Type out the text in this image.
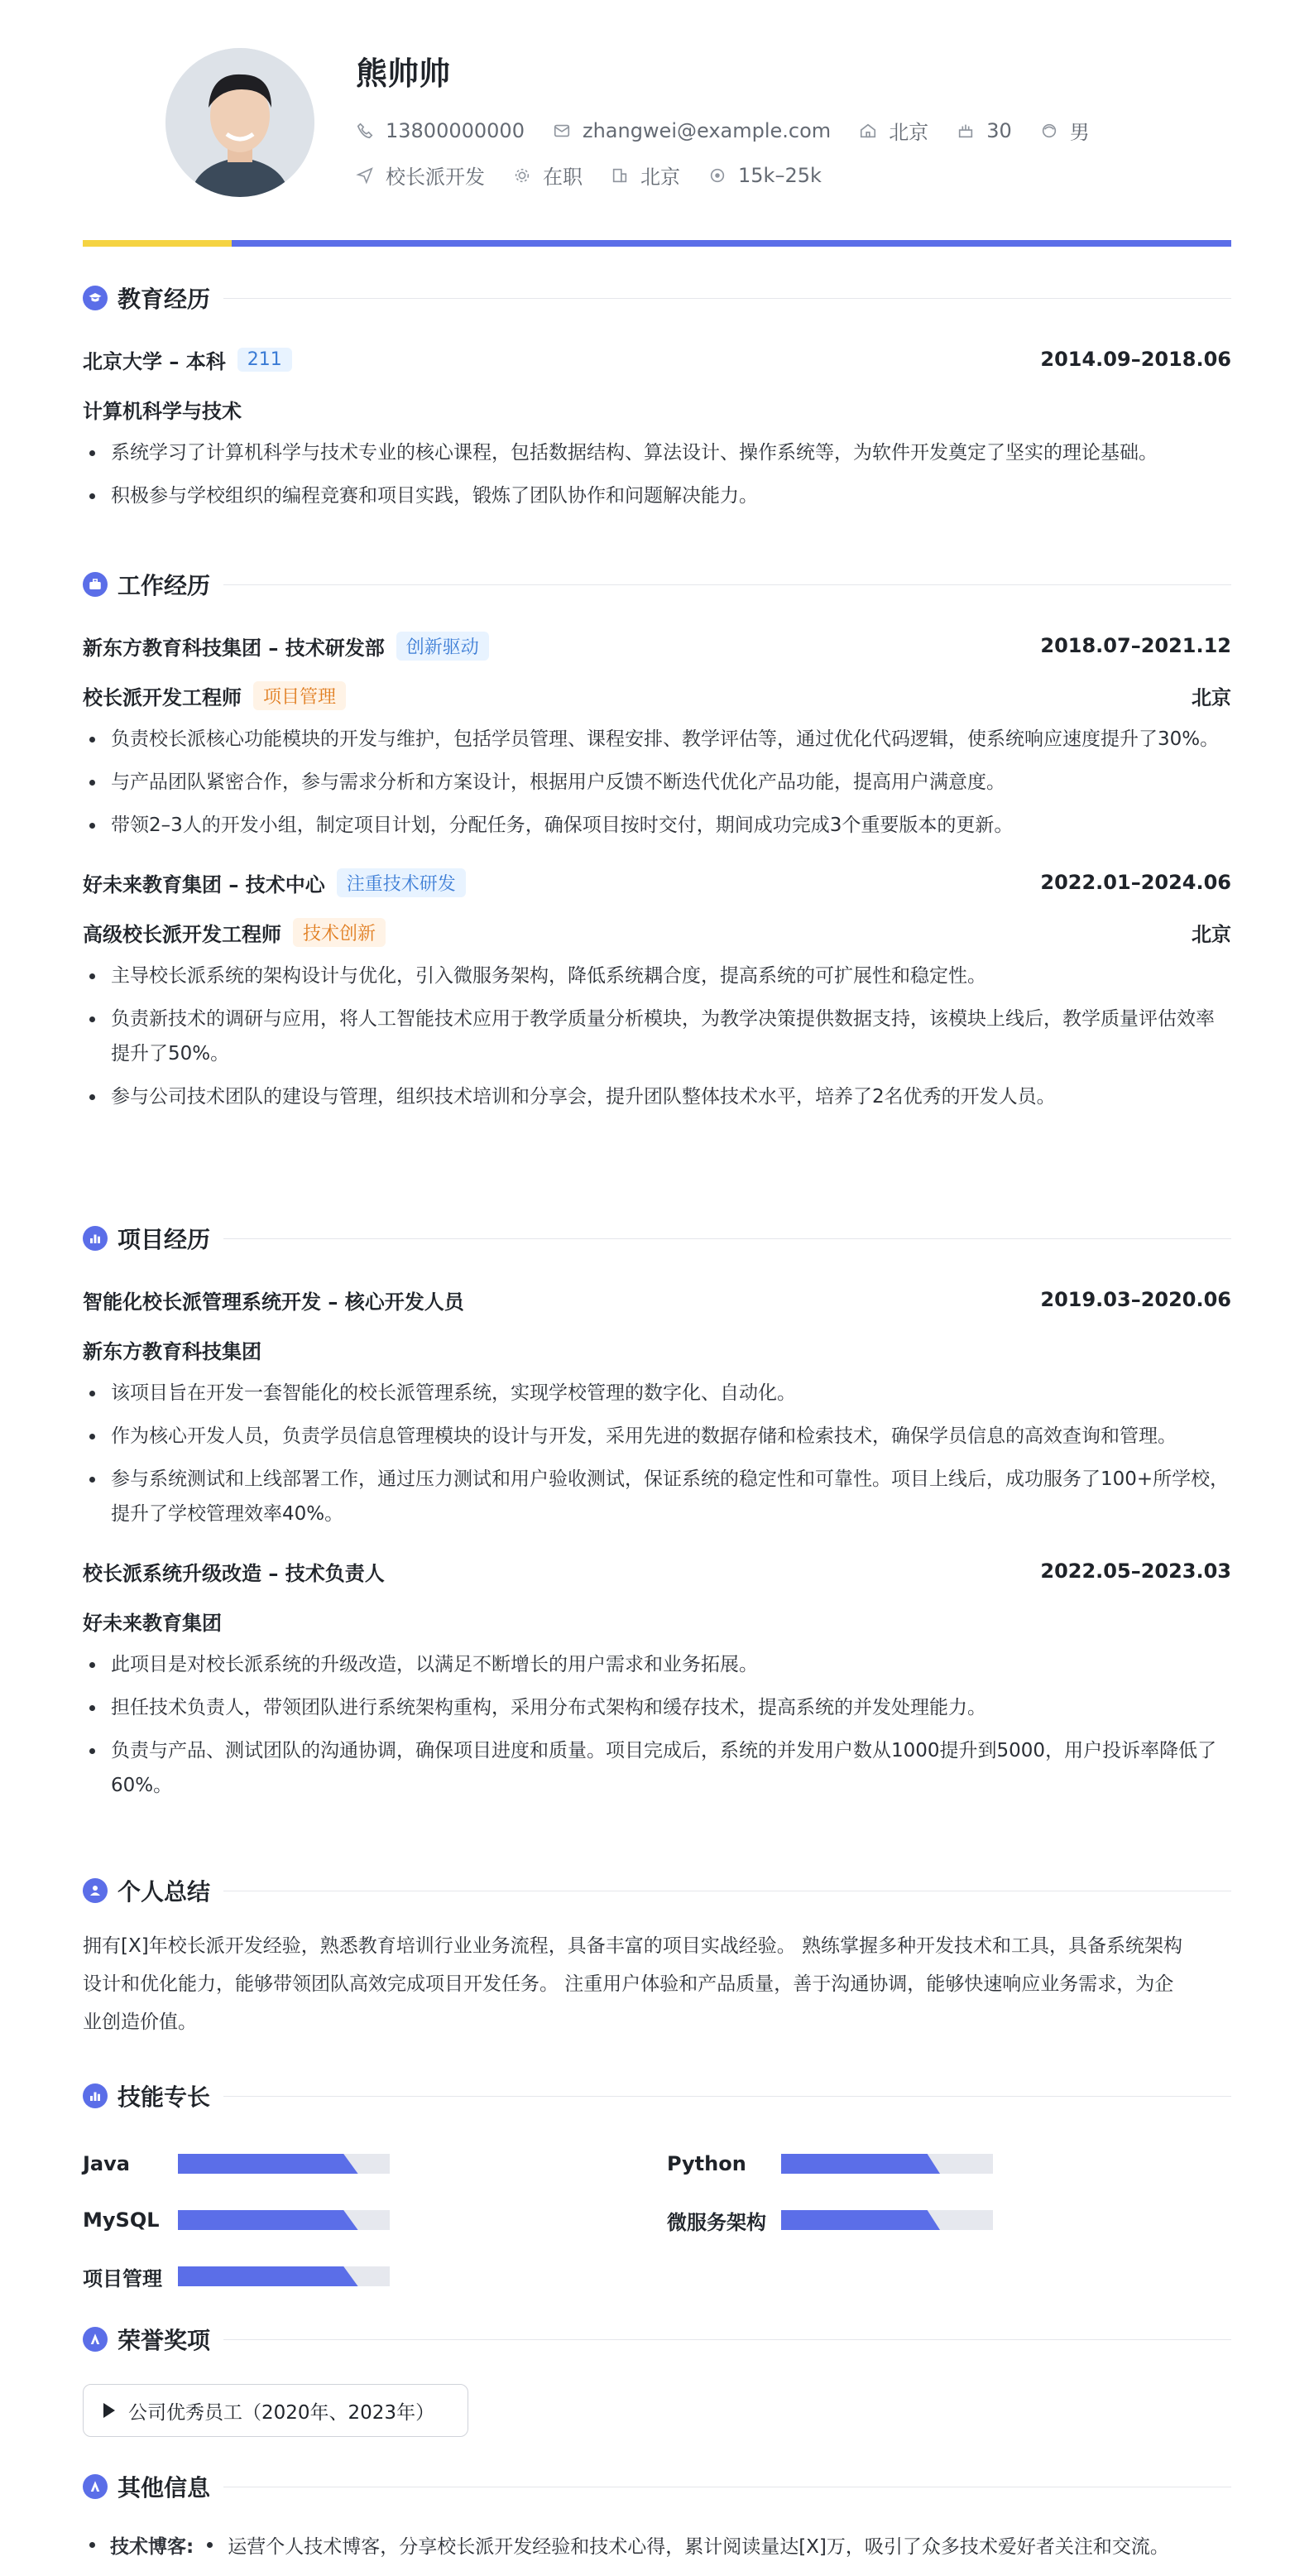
熊帅帅
13800000000	zhangwei@example.com	北京	30	男
校长派开发	在职	北京	15k–25k
教育经历
北京大学 – 本科	211	2014.09–2018.06
计算机科学与技术
系统学习了计算机科学与技术专业的核心课程，包括数据结构、算法设计、操作系统等，为软件开发奠定了坚实的理论基础。
积极参与学校组织的编程竞赛和项目实践，锻炼了团队协作和问题解决能力。
工作经历
新东方教育科技集团 – 技术研发部	创新驱动	2018.07–2021.12
校长派开发工程师	项目管理	北京
负责校长派核心功能模块的开发与维护，包括学员管理、课程安排、教学评估等，通过优化代码逻辑，使系统响应速度提升了30%。
与产品团队紧密合作，参与需求分析和方案设计，根据用户反馈不断迭代优化产品功能，提高用户满意度。
带领2–3人的开发小组，制定项目计划，分配任务，确保项目按时交付，期间成功完成3个重要版本的更新。
好未来教育集团 – 技术中心	注重技术研发	2022.01–2024.06
高级校长派开发工程师	技术创新	北京
主导校长派系统的架构设计与优化，引入微服务架构，降低系统耦合度，提高系统的可扩展性和稳定性。
负责新技术的调研与应用，将人工智能技术应用于教学质量分析模块，为教学决策提供数据支持，该模块上线后，教学质量评估效率提升了50%。
参与公司技术团队的建设与管理，组织技术培训和分享会，提升团队整体技术水平，培养了2名优秀的开发人员。
项目经历
智能化校长派管理系统开发 – 核心开发人员	2019.03–2020.06
新东方教育科技集团
该项目旨在开发一套智能化的校长派管理系统，实现学校管理的数字化、自动化。
作为核心开发人员，负责学员信息管理模块的设计与开发，采用先进的数据存储和检索技术，确保学员信息的高效查询和管理。
参与系统测试和上线部署工作，通过压力测试和用户验收测试，保证系统的稳定性和可靠性。项目上线后，成功服务了100+所学校，提升了学校管理效率40%。
校长派系统升级改造 – 技术负责人	2022.05–2023.03
好未来教育集团
此项目是对校长派系统的升级改造，以满足不断增长的用户需求和业务拓展。
担任技术负责人，带领团队进行系统架构重构，采用分布式架构和缓存技术，提高系统的并发处理能力。
负责与产品、测试团队的沟通协调，确保项目进度和质量。项目完成后，系统的并发用户数从1000提升到5000，用户投诉率降低了60%。
个人总结
拥有[X]年校长派开发经验，熟悉教育培训行业业务流程，具备丰富的项目实战经验。 熟练掌握多种开发技术和工具，具备系统架构
设计和优化能力，能够带领团队高效完成项目开发任务。 注重用户体验和产品质量，善于沟通协调，能够快速响应业务需求，为企
业创造价值。
技能专长
Java	Python
MySQL	微服务架构
项目管理
荣誉奖项
公司优秀员工（2020年、2023年）
其他信息
技术博客: 运营个人技术博客，分享校长派开发经验和技术心得，累计阅读量达[X]万，吸引了众多技术爱好者关注和交流。
